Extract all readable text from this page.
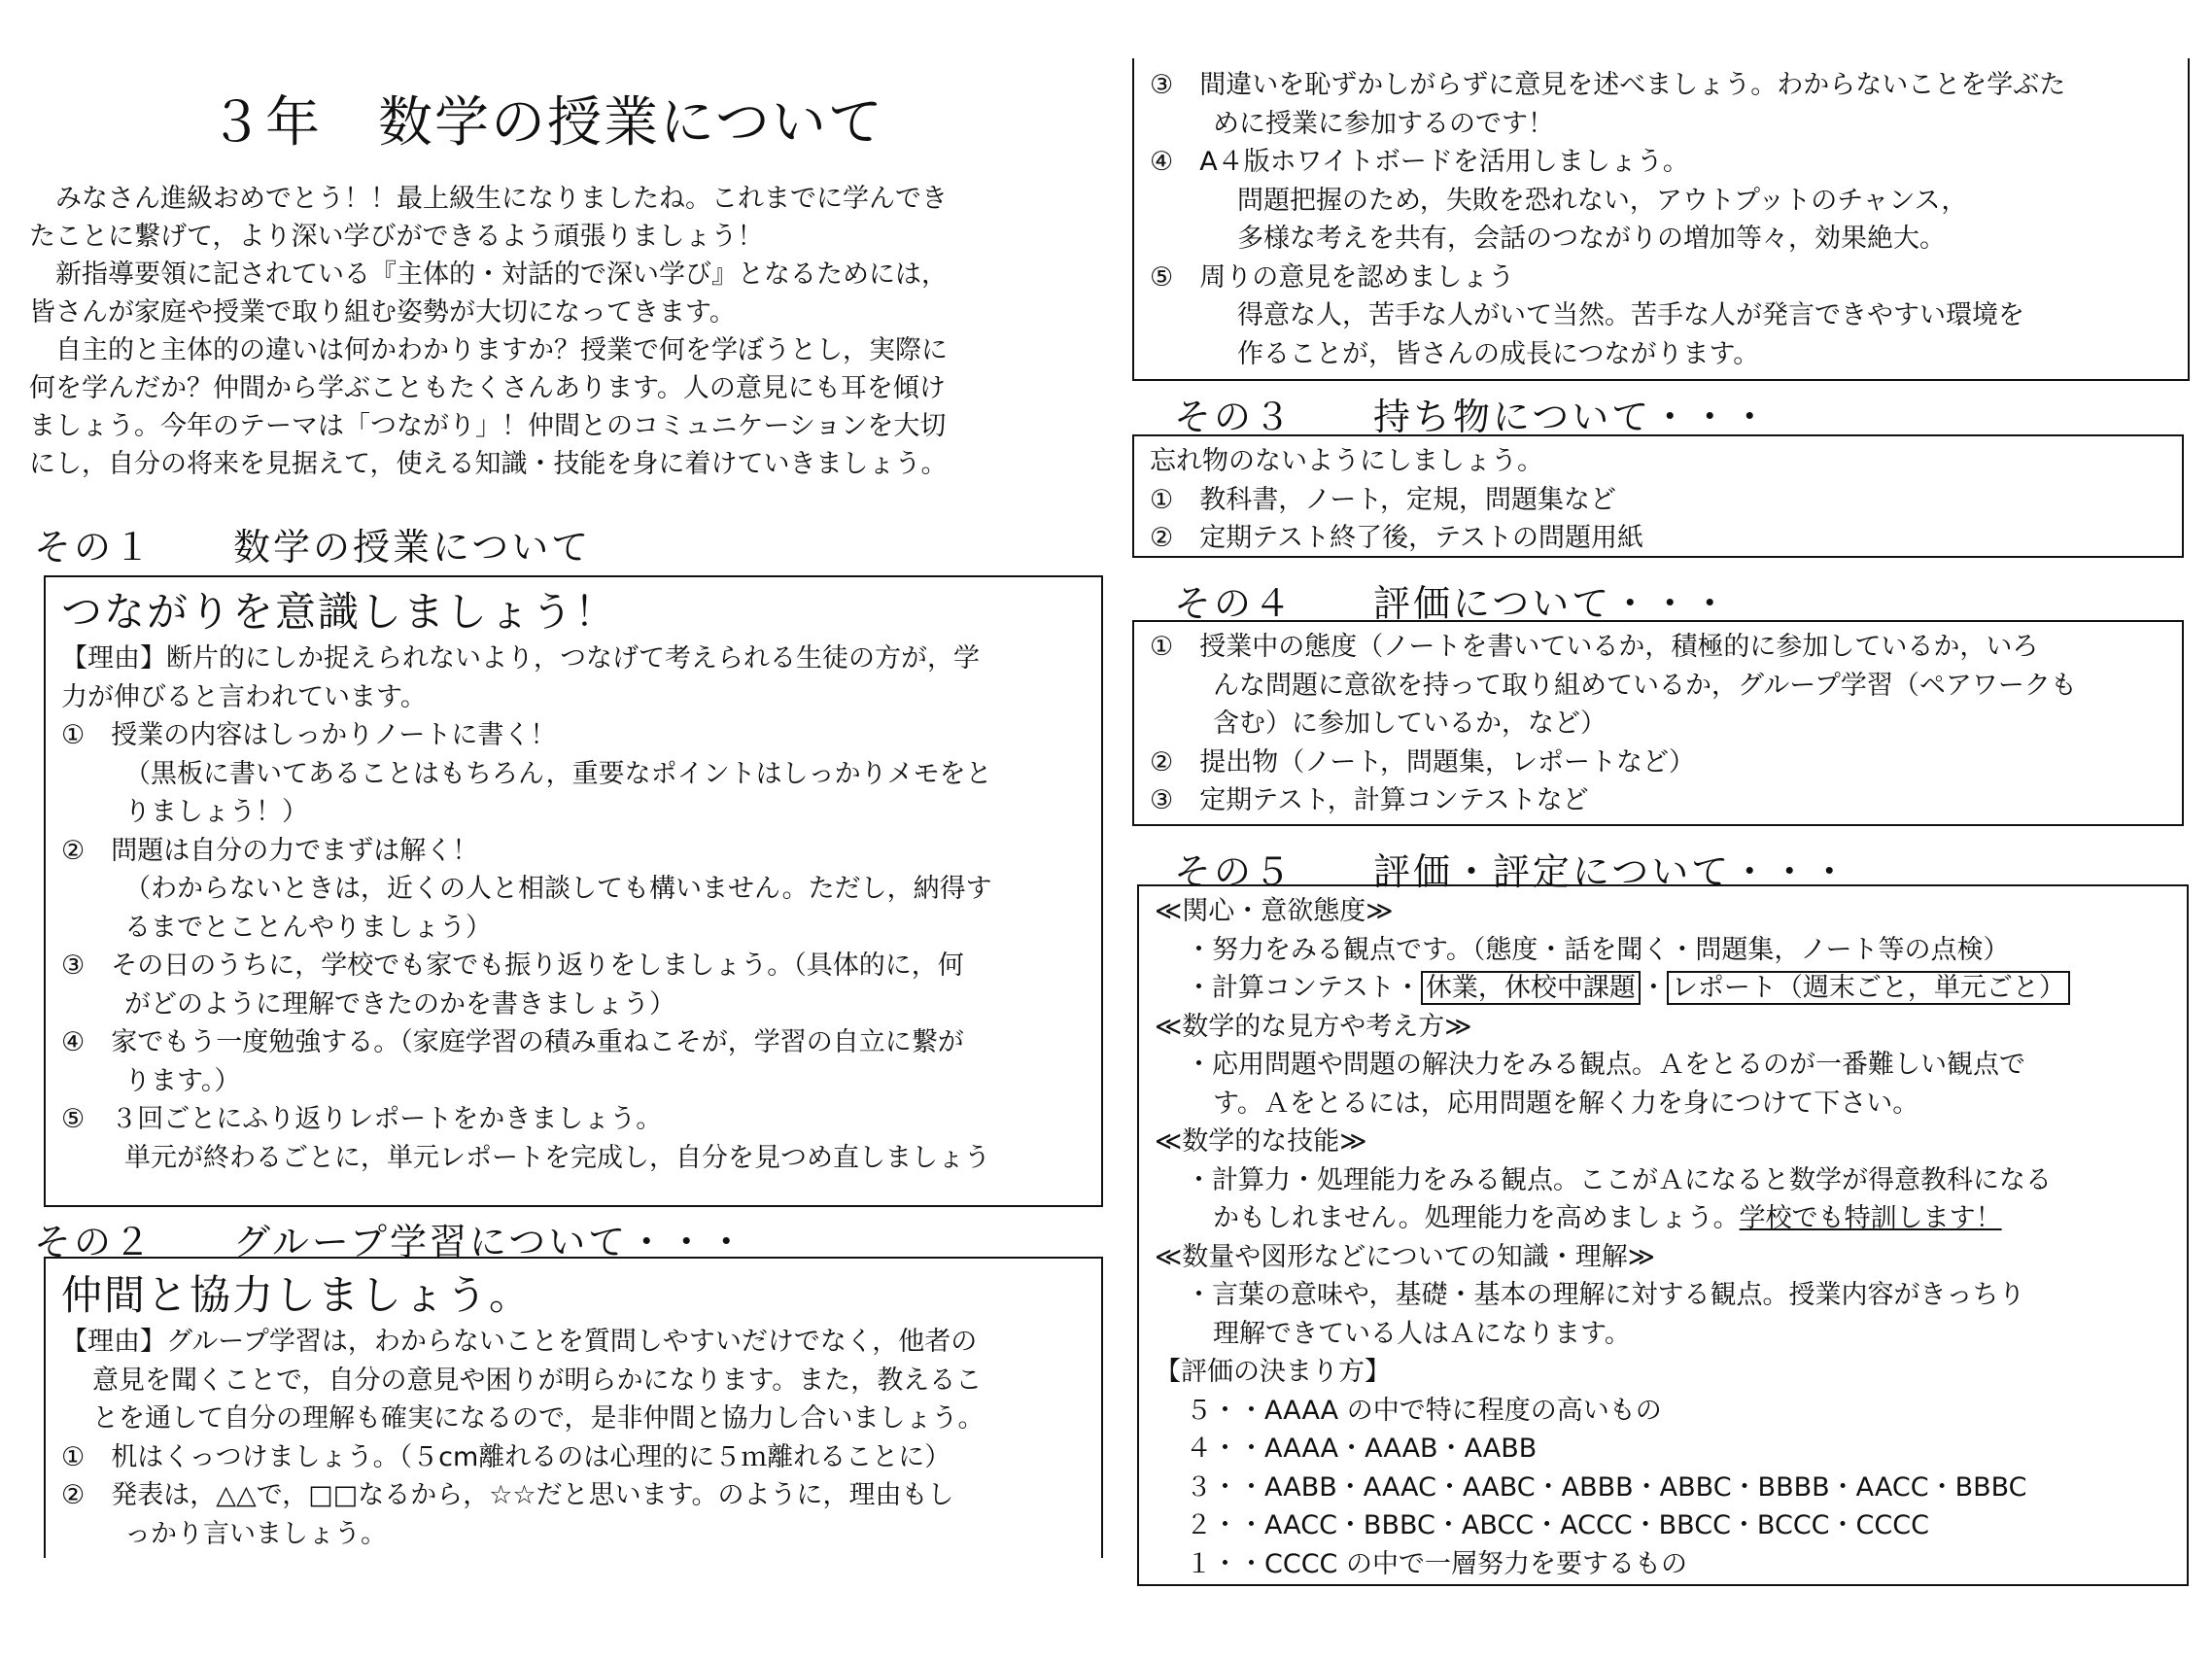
３年　数学の授業について

　みなさん進級おめでとう！！最上級生になりましたね。これまでに学んでき

たことに繋げて，より深い学びができるよう頑張りましょう！

　新指導要領に記されている『主体的・対話的で深い学び』となるためには，

皆さんが家庭や授業で取り組む姿勢が大切になってきます。

　自主的と主体的の違いは何かわかりますか？授業で何を学ぼうとし，実際に

何を学んだか？仲間から学ぶこともたくさんあります。人の意見にも耳を傾け

ましょう。今年のテーマは「つながり」！仲間とのコミュニケーションを大切

にし，自分の将来を見据えて，使える知識・技能を身に着けていきましょう。

その１　　数学の授業について
つながりを意識しましょう！
【理由】断片的にしか捉えられないより，つなげて考えられる生徒の方が，学
力が伸びると言われています。
①　授業の内容はしっかりノートに書く！
（黒板に書いてあることはもちろん，重要なポイントはしっかりメモをと
りましょう！）
②　問題は自分の力でまずは解く！
（わからないときは，近くの人と相談しても構いません。ただし，納得す
るまでとことんやりましょう）
③　その日のうちに，学校でも家でも振り返りをしましょう。（具体的に，何
がどのように理解できたのかを書きましょう）
④　家でもう一度勉強する。（家庭学習の積み重ねこそが，学習の自立に繋が
ります。）
⑤　３回ごとにふり返りレポートをかきましょう。
単元が終わるごとに，単元レポートを完成し，自分を見つめ直しましょう
その２　　グループ学習について・・・
仲間と協力しましょう。
【理由】グループ学習は，わからないことを質問しやすいだけでなく，他者の
意見を聞くことで，自分の意見や困りが明らかになります。また，教えるこ
とを通して自分の理解も確実になるので，是非仲間と協力し合いましょう。
①　机はくっつけましょう。（５cm離れるのは心理的に５ｍ離れることに）
②　発表は，△△で，□□なるから，☆☆だと思います。のように，理由もし
っかり言いましょう。
③　間違いを恥ずかしがらずに意見を述べましょう。わからないことを学ぶた
めに授業に参加するのです！
④　A４版ホワイトボードを活用しましょう。
問題把握のため，失敗を恐れない，アウトプットのチャンス，
多様な考えを共有，会話のつながりの増加等々，効果絶大。
⑤　周りの意見を認めましょう
得意な人，苦手な人がいて当然。苦手な人が発言できやすい環境を
作ることが，皆さんの成長につながります。
その３　　持ち物について・・・
忘れ物のないようにしましょう。
①　教科書，ノート，定規，問題集など
②　定期テスト終了後，テストの問題用紙
その４　　評価について・・・
①　授業中の態度（ノートを書いているか，積極的に参加しているか，いろ
んな問題に意欲を持って取り組めているか，グループ学習（ペアワークも
含む）に参加しているか，など）
②　提出物（ノート，問題集，レポートなど）
③　定期テスト，計算コンテストなど
その５　　評価・評定について・・・
≪関心・意欲態度≫
・努力をみる観点です。（態度・話を聞く・問題集，ノート等の点検）
・計算コンテスト・ 休業，休校中課題 ・ レポート（週末ごと，単元ごと）
≪数学的な見方や考え方≫
・応用問題や問題の解決力をみる観点。Ａをとるのが一番難しい観点で
す。Ａをとるには，応用問題を解く力を身につけて下さい。
≪数学的な技能≫
・計算力・処理能力をみる観点。ここがＡになると数学が得意教科になる
かもしれません。処理能力を高めましょう。学校でも特訓します！
≪数量や図形などについての知識・理解≫
・言葉の意味や，基礎・基本の理解に対する観点。授業内容がきっちり
理解できている人はＡになります。
【評価の決まり方】
５・・AAAA の中で特に程度の高いもの
４・・AAAA・AAAB・AABB
３・・AABB・AAAC・AABC・ABBB・ABBC・BBBB・AACC・BBBC
２・・AACC・BBBC・ABCC・ACCC・BBCC・BCCC・CCCC
１・・CCCC の中で一層努力を要するもの
